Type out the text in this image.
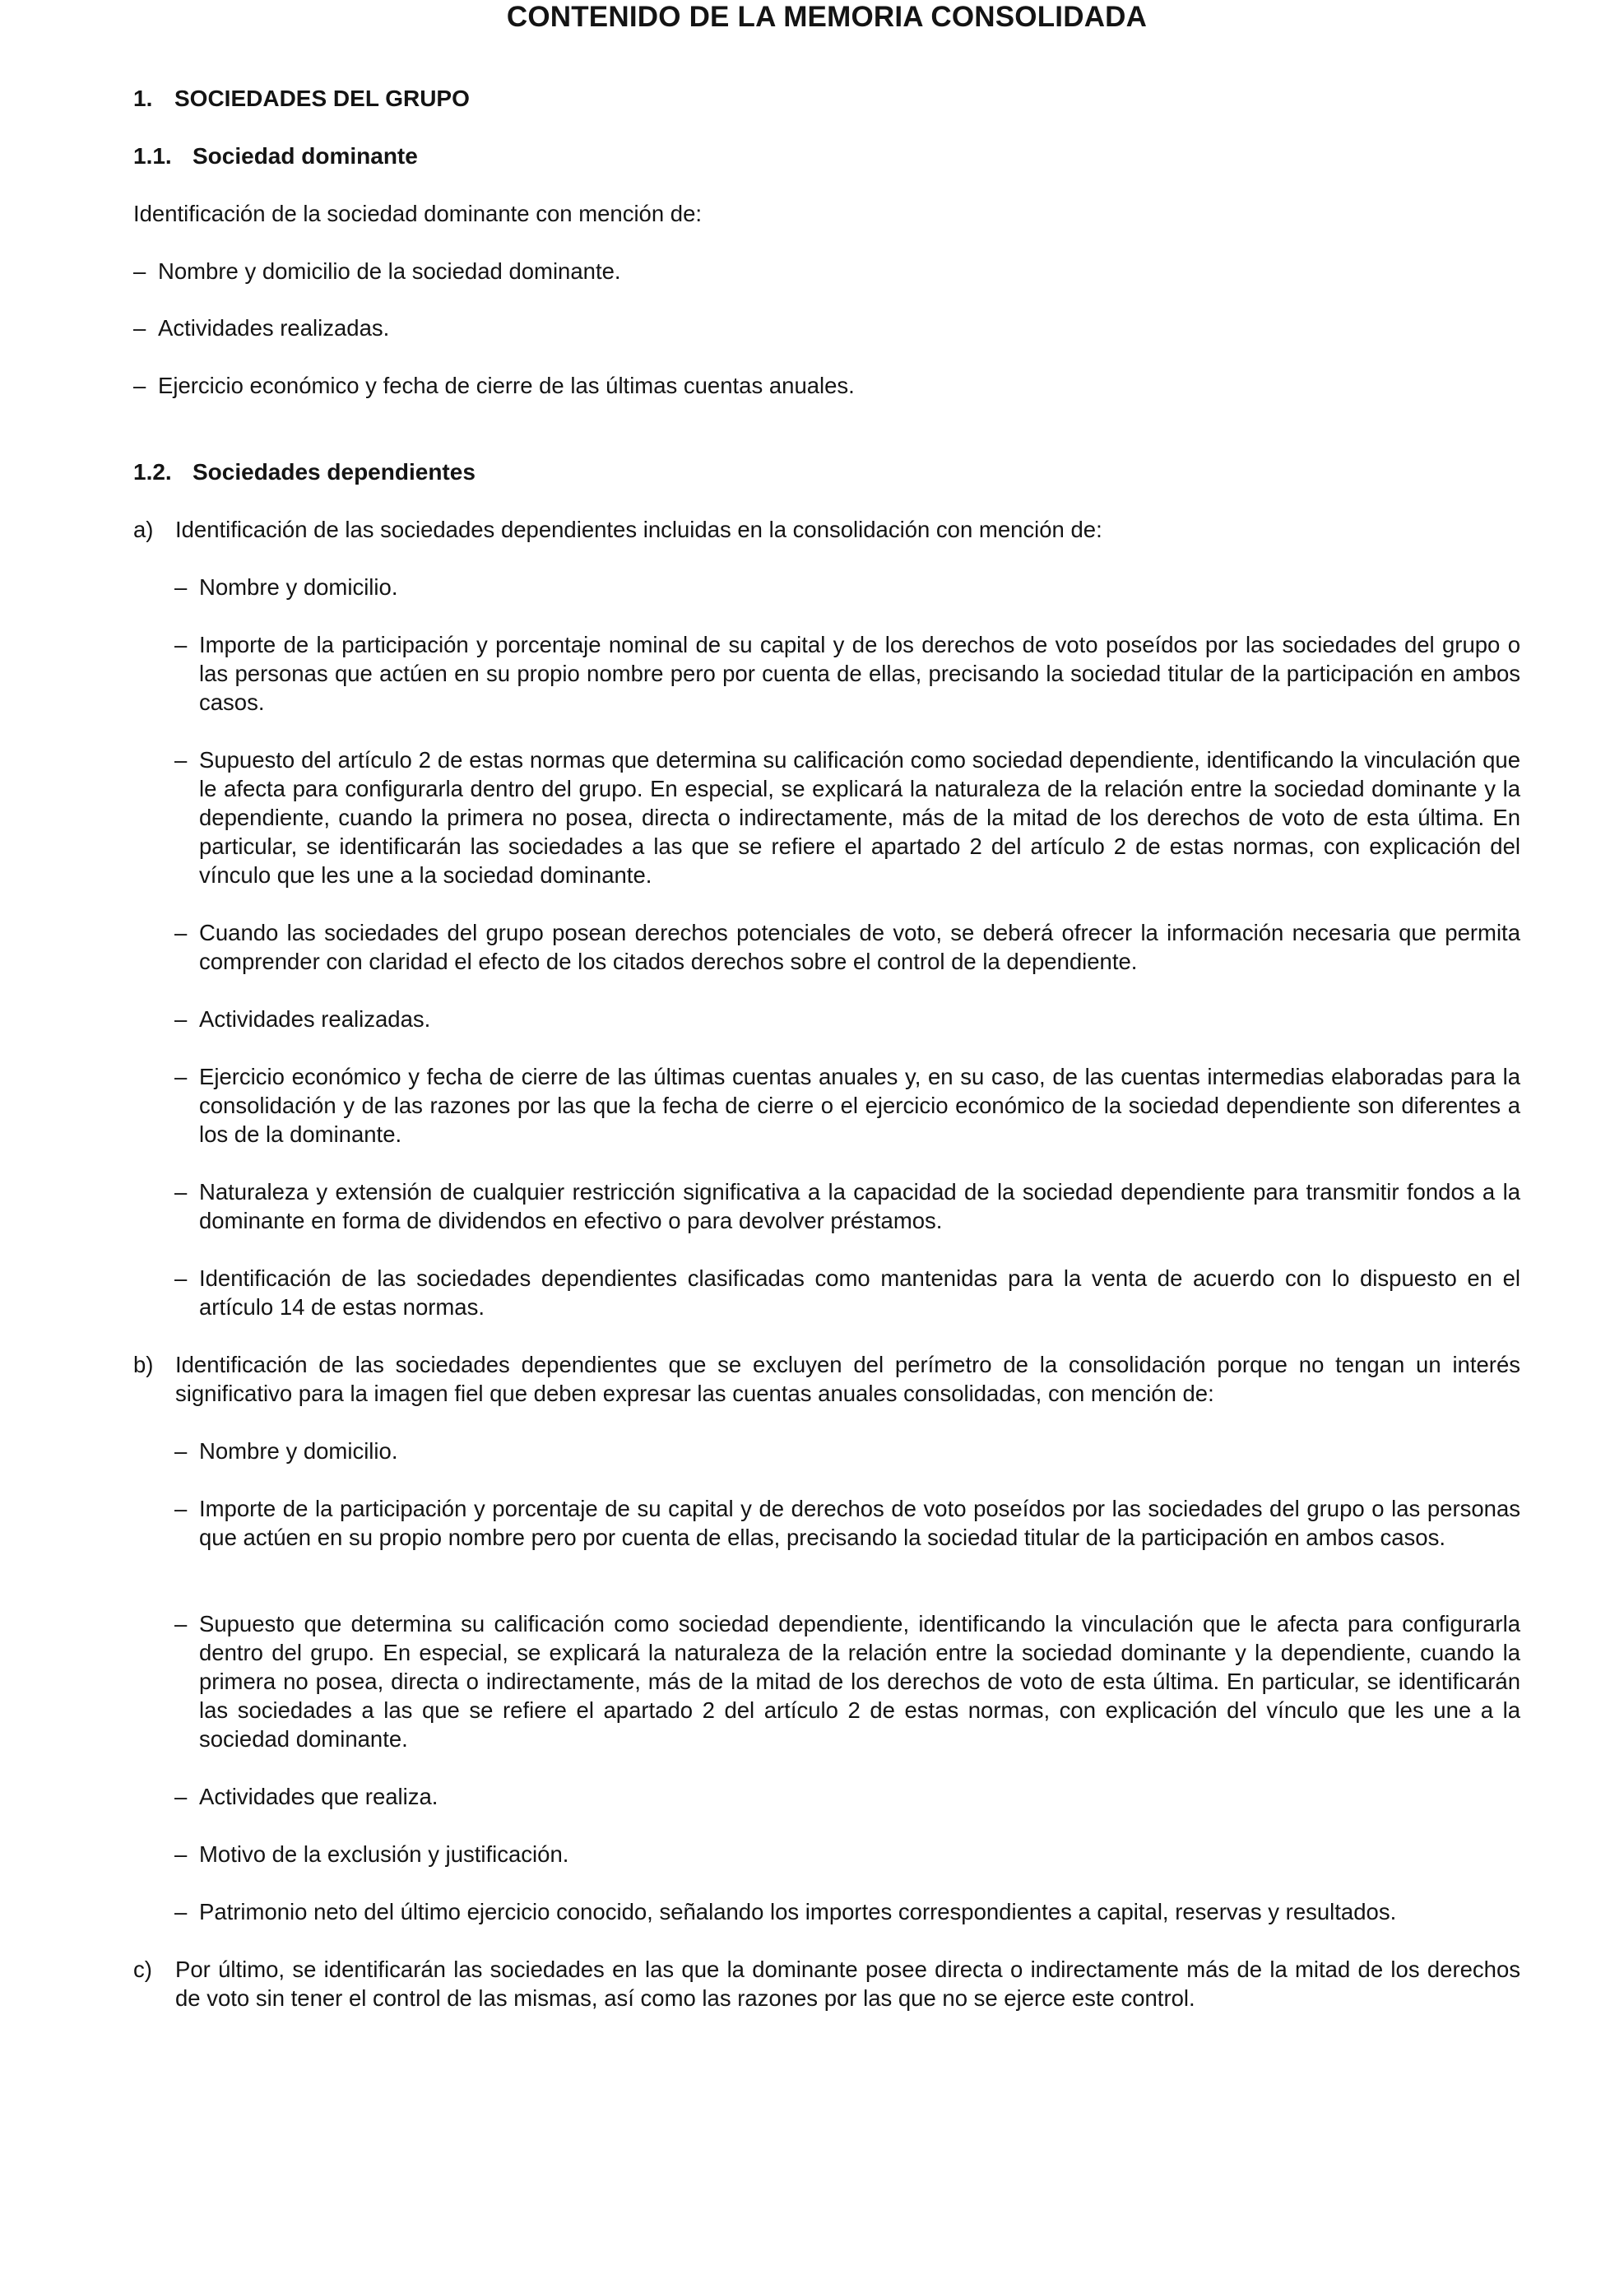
CONTENIDO DE LA MEMORIA CONSOLIDADA
1. SOCIEDADES DEL GRUPO
1.1. Sociedad dominante

Identificación de la sociedad dominante con mención de:

– Nombre y domicilio de la sociedad dominante.

– Actividades realizadas.

– Ejercicio económico y fecha de cierre de las últimas cuentas anuales.

1.2. Sociedades dependientes
a) Identificación de las sociedades dependientes incluidas en la consolidación con mención de:

– Nombre y domicilio.

– Importe de la participación y porcentaje nominal de su capital y de los derechos de voto poseídos por las sociedades del grupo o las personas que actúen en su propio nombre pero por cuenta de ellas, precisando la sociedad titular de la participación en ambos casos.

– Supuesto del artículo 2 de estas normas que determina su calificación como sociedad dependiente, identificando la vinculación que le afecta para configurarla dentro del grupo. En especial, se explicará la naturaleza de la relación entre la sociedad dominante y la dependiente, cuando la primera no posea, directa o indirectamente, más de la mitad de los derechos de voto de esta última. En particular, se identificarán las sociedades a las que se refiere el apartado 2 del artículo 2 de estas normas, con explicación del vínculo que les une a la sociedad dominante.

– Cuando las sociedades del grupo posean derechos potenciales de voto, se deberá ofrecer la información necesaria que permita comprender con claridad el efecto de los citados derechos sobre el control de la dependiente.

– Actividades realizadas.

– Ejercicio económico y fecha de cierre de las últimas cuentas anuales y, en su caso, de las cuentas intermedias elaboradas para la consolidación y de las razones por las que la fecha de cierre o el ejercicio económico de la sociedad dependiente son diferentes a los de la dominante.

– Naturaleza y extensión de cualquier restricción significativa a la capacidad de la sociedad dependiente para transmitir fondos a la dominante en forma de dividendos en efectivo o para devolver préstamos.

– Identificación de las sociedades dependientes clasificadas como mantenidas para la venta de acuerdo con lo dispuesto en el artículo 14 de estas normas.

b) Identificación de las sociedades dependientes que se excluyen del perímetro de la consolidación porque no tengan un interés significativo para la imagen fiel que deben expresar las cuentas anuales consolidadas, con mención de:

– Nombre y domicilio.

– Importe de la participación y porcentaje de su capital y de derechos de voto poseídos por las sociedades del grupo o las personas que actúen en su propio nombre pero por cuenta de ellas, precisando la sociedad titular de la participación en ambos casos.

– Supuesto que determina su calificación como sociedad dependiente, identificando la vinculación que le afecta para configurarla dentro del grupo. En especial, se explicará la naturaleza de la relación entre la sociedad dominante y la dependiente, cuando la primera no posea, directa o indirectamente, más de la mitad de los derechos de voto de esta última. En particular, se identificarán las sociedades a las que se refiere el apartado 2 del artículo 2 de estas normas, con explicación del vínculo que les une a la sociedad dominante.

– Actividades que realiza.

– Motivo de la exclusión y justificación.

– Patrimonio neto del último ejercicio conocido, señalando los importes correspondientes a capital, reservas y resultados.

c) Por último, se identificarán las sociedades en las que la dominante posee directa o indirectamente más de la mitad de los derechos de voto sin tener el control de las mismas, así como las razones por las que no se ejerce este control.
